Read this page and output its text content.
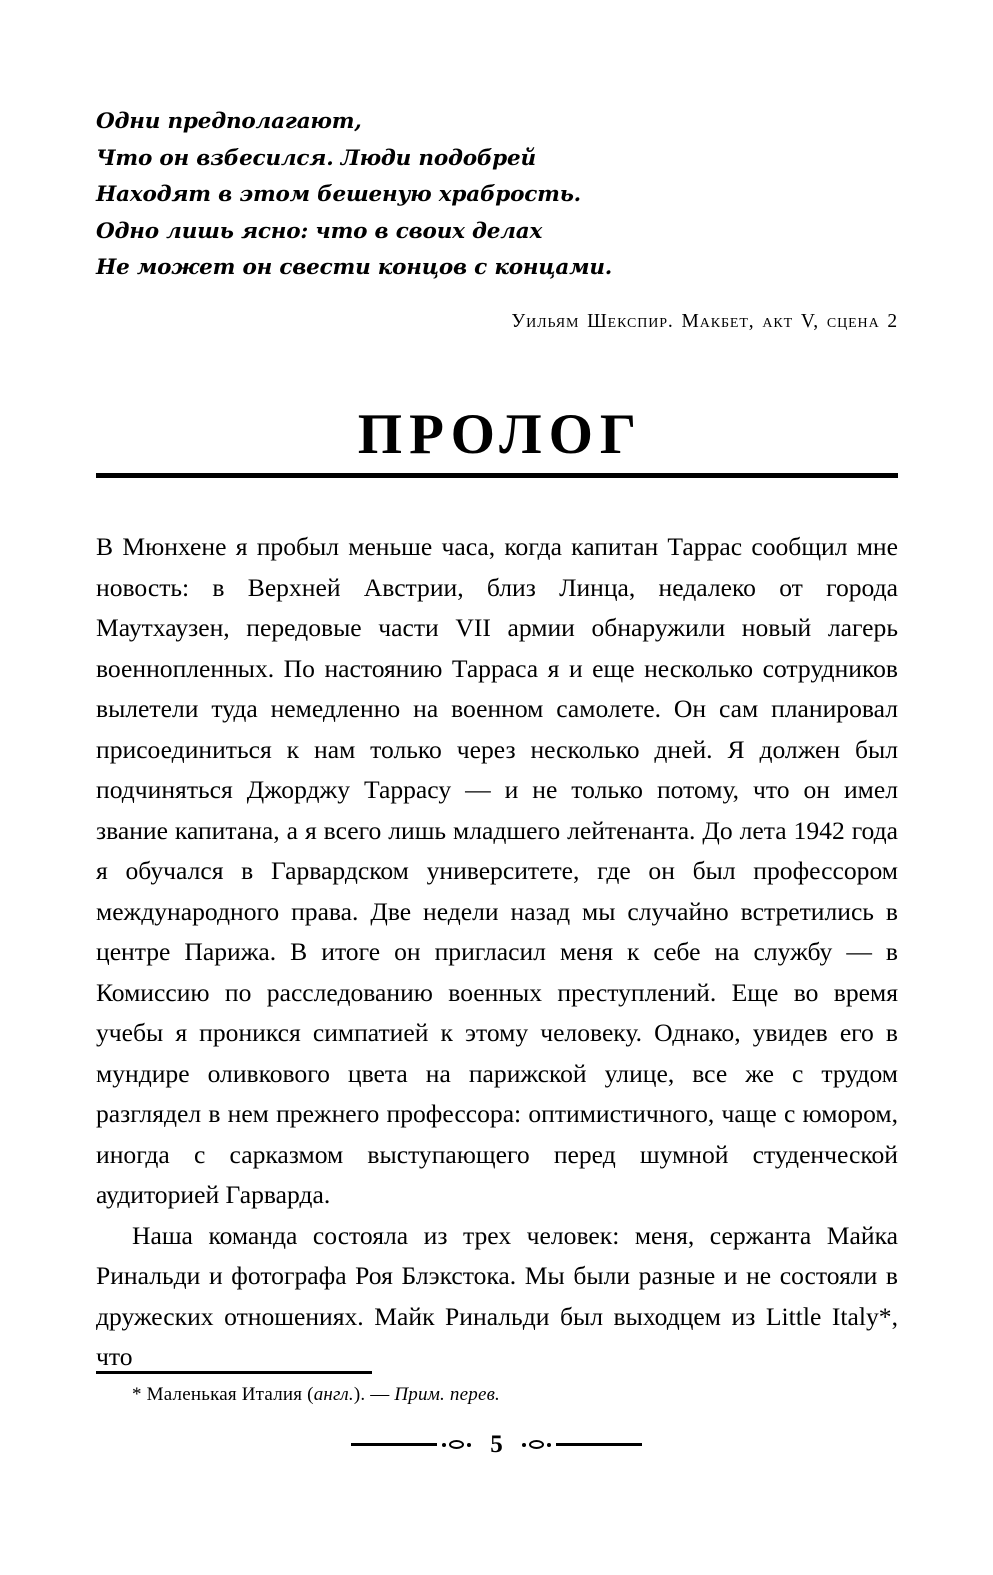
Одни предполагают,
Что он взбесился. Люди подобрей
Находят в этом бешеную храбрость.
Одно лишь ясно: что в своих делах
Не может он свести концов с концами.
Уильям Шекспир. Макбет, акт V, сцена 2
ПРОЛОГ

В Мюнхене я пробыл меньше часа, когда капитан Таррас сообщил мне новость: в Верхней Австрии, близ Линца, недалеко от города Маутхаузен, передовые части VII армии обнаружили новый лагерь военнопленных. По настоянию Тарраса я и еще несколько сотрудников вылетели туда немедленно на военном самолете. Он сам планировал присоединиться к нам только через несколько дней. Я должен был подчиняться Джорджу Таррасу — и не только потому, что он имел звание капитана, а я всего лишь младшего лейтенанта. До лета 1942 года я обучался в Гарвардском университете, где он был профессором международного права. Две недели назад мы случайно встретились в центре Парижа. В итоге он пригласил меня к себе на службу — в Комиссию по расследованию военных преступлений. Еще во время учебы я проникся симпатией к этому человеку. Однако, увидев его в мундире оливкового цвета на парижской улице, все же с трудом разглядел в нем прежнего профессора: оптимистичного, чаще с юмором, иногда с сарказмом выступающего перед шумной студенческой аудиторией Гарварда.

Наша команда состояла из трех человек: меня, сержанта Майка Ринальди и фотографа Роя Блэкстока. Мы были разные и не состояли в дружеских отношениях. Майк Ринальди был выходцем из Little Italy*, что

* Маленькая Италия (англ.). — Прим. перев.
5
